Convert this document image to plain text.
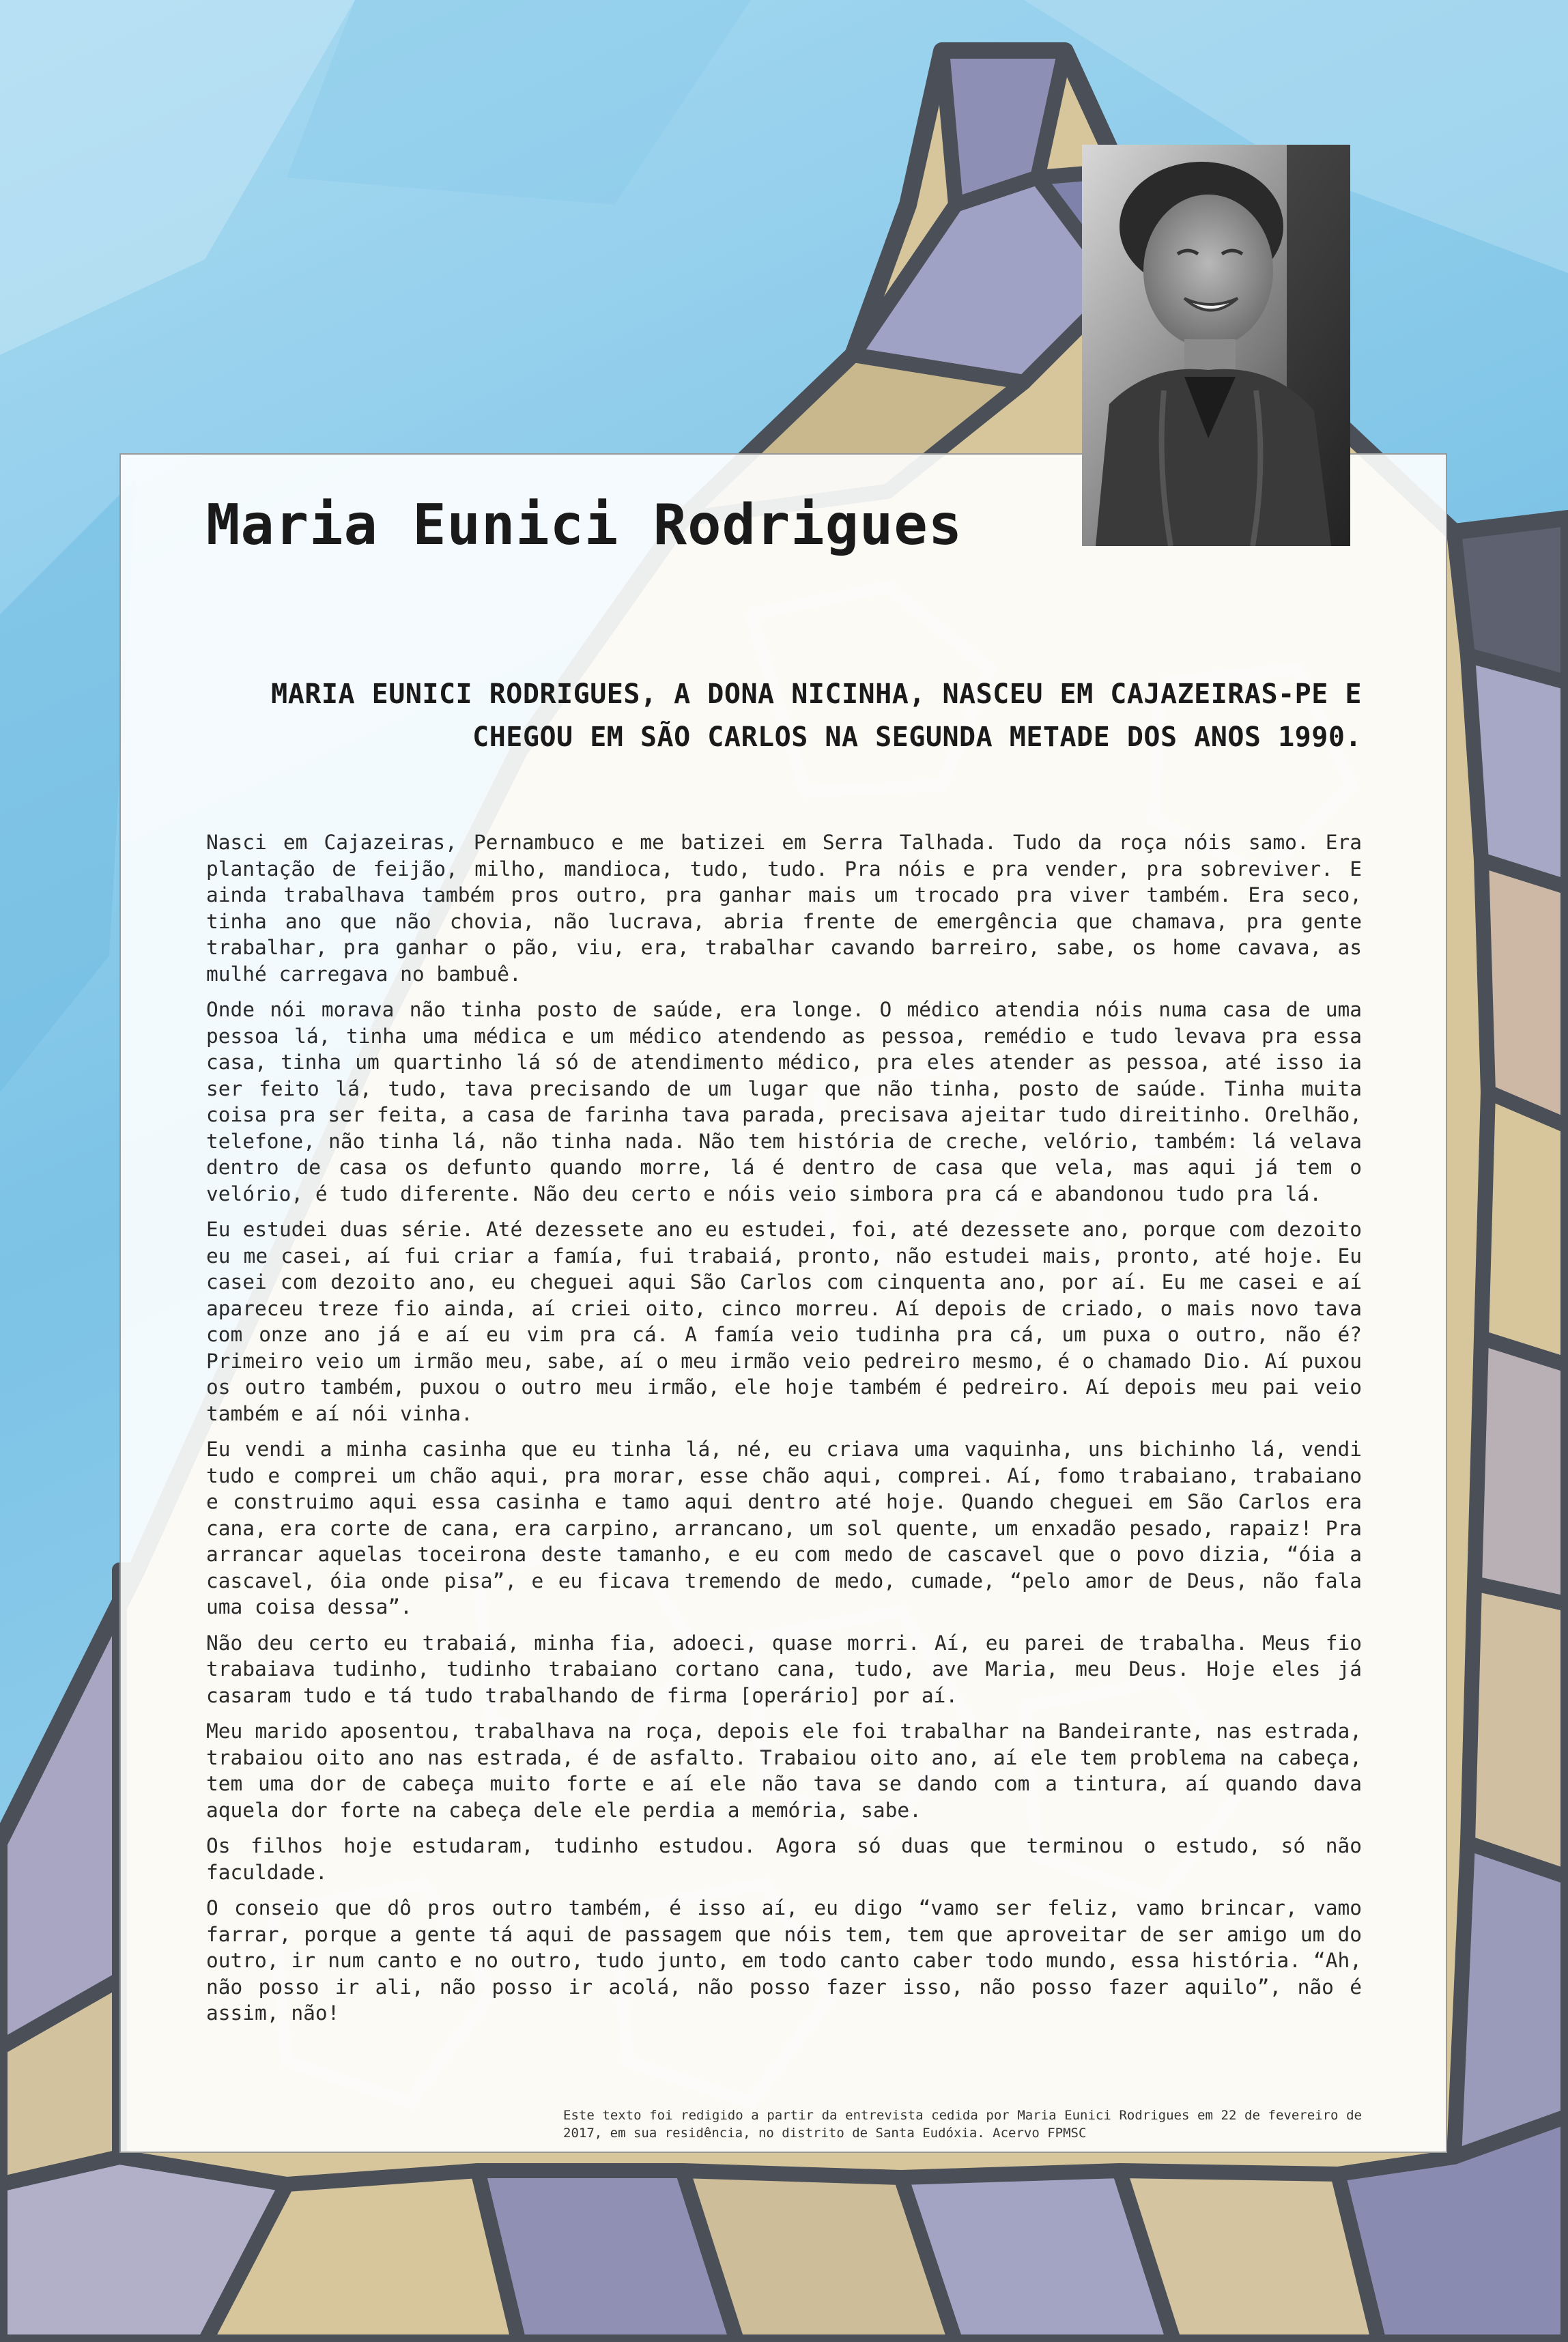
Maria Eunici Rodrigues
MARIA EUNICI RODRIGUES, A DONA NICINHA, NASCEU EM CAJAZEIRAS-PE E CHEGOU EM SÃO CARLOS NA SEGUNDA METADE DOS ANOS 1990.

Nasci em Cajazeiras, Pernambuco e me batizei em Serra Talhada. Tudo da roça nóis samo. Era plantação de feijão, milho, mandioca, tudo, tudo. Pra nóis e pra vender, pra sobreviver. E ainda trabalhava também pros outro, pra ganhar mais um trocado pra viver também. Era seco, tinha ano que não chovia, não lucrava, abria frente de emergência que chamava, pra gente trabalhar, pra ganhar o pão, viu, era, trabalhar cavando barreiro, sabe, os home cavava, as mulhé carregava no bambuê.

Onde nói morava não tinha posto de saúde, era longe. O médico atendia nóis numa casa de uma pessoa lá, tinha uma médica e um médico atendendo as pessoa, remédio e tudo levava pra essa casa, tinha um quartinho lá só de atendimento médico, pra eles atender as pessoa, até isso ia ser feito lá, tudo, tava precisando de um lugar que não tinha, posto de saúde. Tinha muita coisa pra ser feita, a casa de farinha tava parada, precisava ajeitar tudo direitinho. Orelhão, telefone, não tinha lá, não tinha nada. Não tem história de creche, velório, também: lá velava dentro de casa os defunto quando morre, lá é dentro de casa que vela, mas aqui já tem o velório, é tudo diferente. Não deu certo e nóis veio simbora pra cá e abandonou tudo pra lá.

Eu estudei duas série. Até dezessete ano eu estudei, foi, até dezessete ano, porque com dezoito eu me casei, aí fui criar a famía, fui trabaiá, pronto, não estudei mais, pronto, até hoje. Eu casei com dezoito ano, eu cheguei aqui São Carlos com cinquenta ano, por aí. Eu me casei e aí apareceu treze fio ainda, aí criei oito, cinco morreu. Aí depois de criado, o mais novo tava com onze ano já e aí eu vim pra cá. A famía veio tudinha pra cá, um puxa o outro, não é? Primeiro veio um irmão meu, sabe, aí o meu irmão veio pedreiro mesmo, é o chamado Dio. Aí puxou os outro também, puxou o outro meu irmão, ele hoje também é pedreiro. Aí depois meu pai veio também e aí nói vinha.

Eu vendi a minha casinha que eu tinha lá, né, eu criava uma vaquinha, uns bichinho lá, vendi tudo e comprei um chão aqui, pra morar, esse chão aqui, comprei. Aí, fomo trabaiano, trabaiano e construimo aqui essa casinha e tamo aqui dentro até hoje. Quando cheguei em São Carlos era cana, era corte de cana, era carpino, arrancano, um sol quente, um enxadão pesado, rapaiz! Pra arrancar aquelas toceirona deste tamanho, e eu com medo de cascavel que o povo dizia, “óia a cascavel, óia onde pisa”, e eu ficava tremendo de medo, cumade, “pelo amor de Deus, não fala uma coisa dessa”.

Não deu certo eu trabaiá, minha fia, adoeci, quase morri. Aí, eu parei de trabalha. Meus fio trabaiava tudinho, tudinho trabaiano cortano cana, tudo, ave Maria, meu Deus. Hoje eles já casaram tudo e tá tudo trabalhando de firma [operário] por aí.

Meu marido aposentou, trabalhava na roça, depois ele foi trabalhar na Bandeirante, nas estrada, trabaiou oito ano nas estrada, é de asfalto. Trabaiou oito ano, aí ele tem problema na cabeça, tem uma dor de cabeça muito forte e aí ele não tava se dando com a tintura, aí quando dava aquela dor forte na cabeça dele ele perdia a memória, sabe.

Os filhos hoje estudaram, tudinho estudou. Agora só duas que terminou o estudo, só não faculdade.

O conseio que dô pros outro também, é isso aí, eu digo “vamo ser feliz, vamo brincar, vamo farrar, porque a gente tá aqui de passagem que nóis tem, tem que aproveitar de ser amigo um do outro, ir num canto e no outro, tudo junto, em todo canto caber todo mundo, essa história. “Ah, não posso ir ali, não posso ir acolá, não posso fazer isso, não posso fazer aquilo”, não é assim, não!

Este texto foi redigido a partir da entrevista cedida por Maria Eunici Rodrigues em 22 de fevereiro de 2017, em sua residência, no distrito de Santa Eudóxia. Acervo FPMSC
